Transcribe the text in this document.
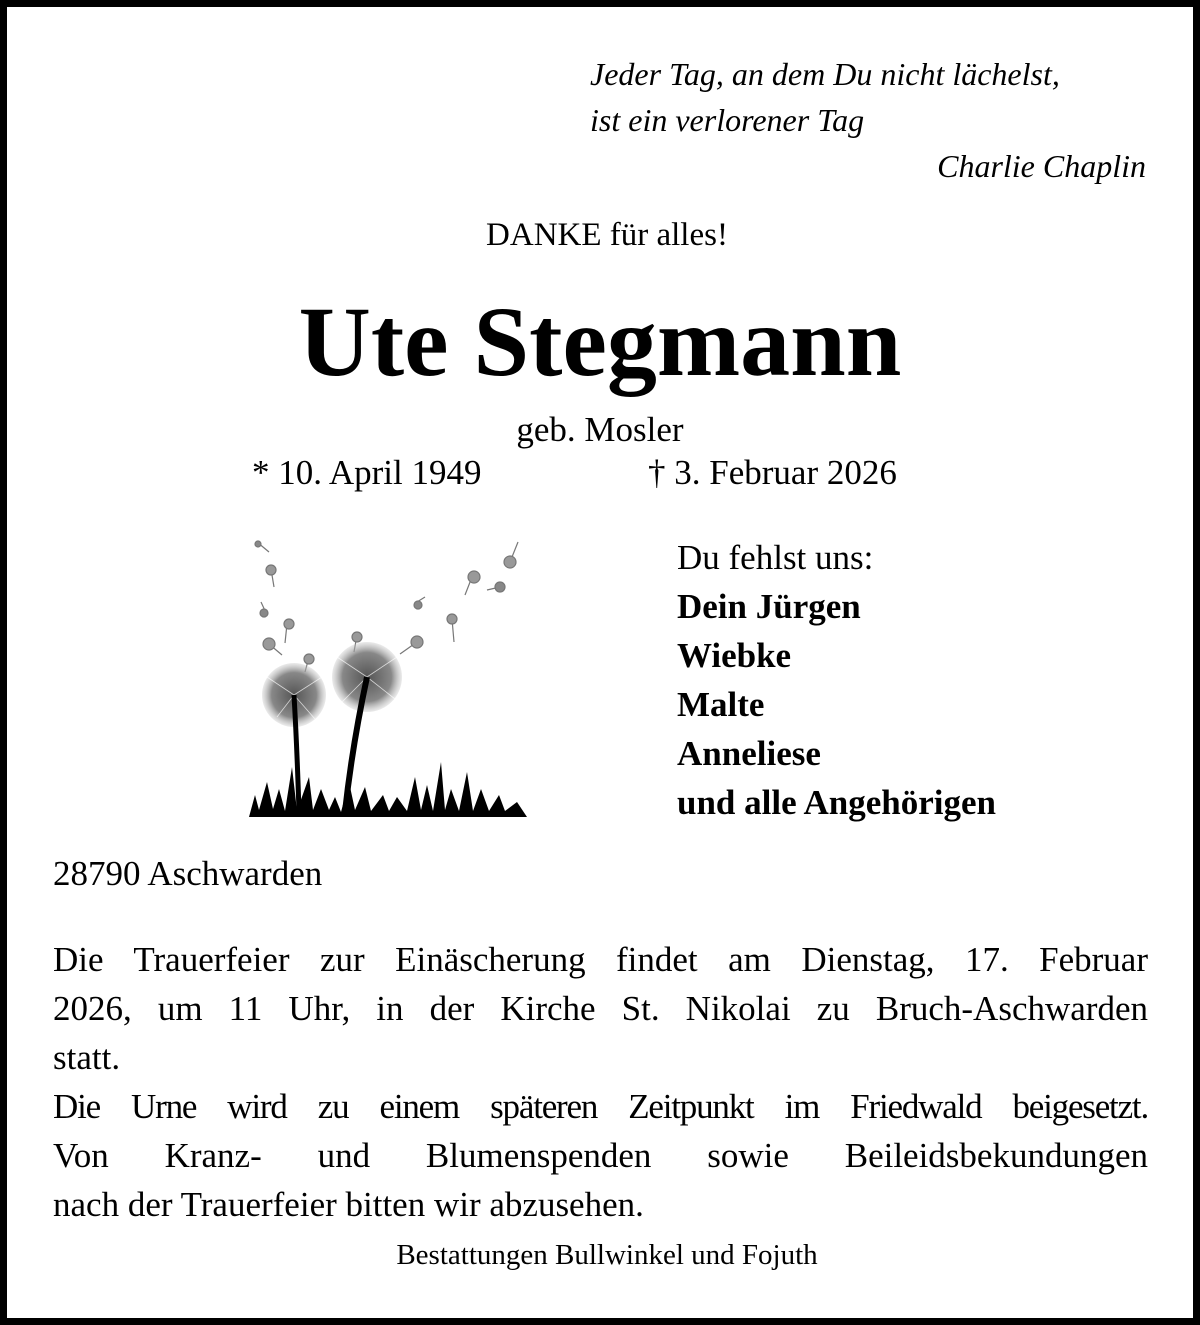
Jeder Tag, an dem Du nicht lächelst,
ist ein verlorener Tag
Charlie Chaplin
DANKE für alles!
Ute Stegmann
geb. Mosler
* 10. April 1949	† 3. Februar 2026
Du fehlst uns:
Dein Jürgen
Wiebke
Malte
Anneliese
und alle Angehörigen
28790 Aschwarden

Die Trauerfeier zur Einäscherung findet am Dienstag, 17. Februar

2026, um 11 Uhr, in der Kirche St. Nikolai zu Bruch-Aschwarden

statt.

Die Urne wird zu einem späteren Zeitpunkt im Friedwald beigesetzt.

Von Kranz- und Blumenspenden sowie Beileidsbekundungen

nach der Trauerfeier bitten wir abzusehen.

Bestattungen Bullwinkel und Fojuth
